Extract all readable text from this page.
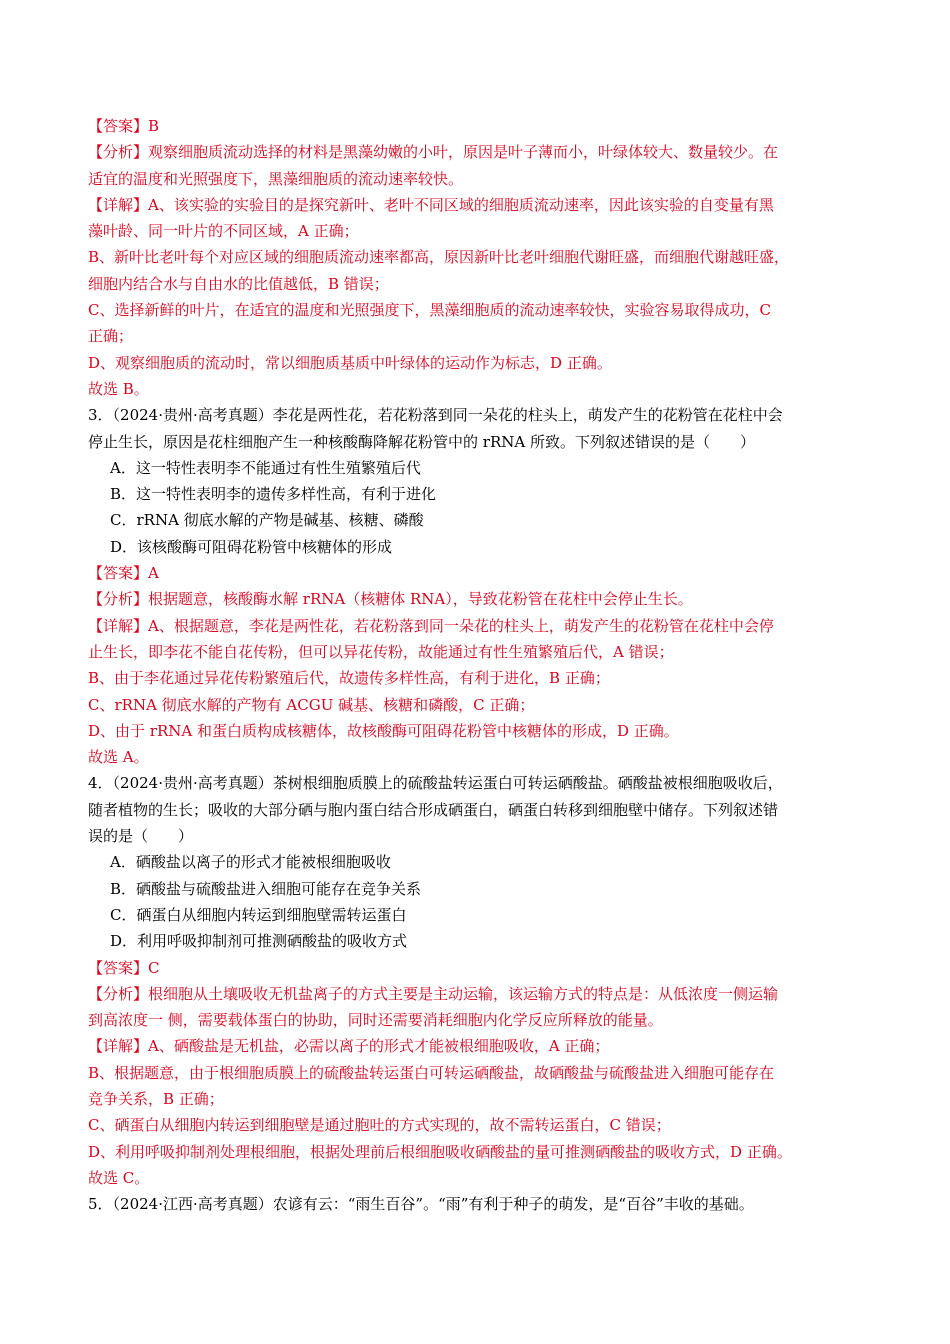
【答案】B

【分析】观察细胞质流动选择的材料是黑藻幼嫩的小叶，原因是叶子薄而小，叶绿体较大、数量较少。在

适宜的温度和光照强度下，黑藻细胞质的流动速率较快。

【详解】A、该实验的实验目的是探究新叶、老叶不同区域的细胞质流动速率，因此该实验的自变量有黑

藻叶龄、同一叶片的不同区域，A 正确；

B、新叶比老叶每个对应区域的细胞质流动速率都高，原因新叶比老叶细胞代谢旺盛，而细胞代谢越旺盛，

细胞内结合水与自由水的比值越低，B 错误；

C、选择新鲜的叶片，在适宜的温度和光照强度下，黑藻细胞质的流动速率较快，实验容易取得成功，C

正确；

D、观察细胞质的流动时，常以细胞质基质中叶绿体的运动作为标志，D 正确。

故选 B。

3．（2024·贵州·高考真题）李花是两性花，若花粉落到同一朵花的柱头上，萌发产生的花粉管在花柱中会

停止生长，原因是花柱细胞产生一种核酸酶降解花粉管中的 rRNA 所致。下列叙述错误的是（　　）

A．这一特性表明李不能通过有性生殖繁殖后代

B．这一特性表明李的遗传多样性高，有利于进化

C．rRNA 彻底水解的产物是碱基、核糖、磷酸

D．该核酸酶可阻碍花粉管中核糖体的形成

【答案】A

【分析】根据题意，核酸酶水解 rRNA（核糖体 RNA），导致花粉管在花柱中会停止生长。

【详解】A、根据题意，李花是两性花，若花粉落到同一朵花的柱头上，萌发产生的花粉管在花柱中会停

止生长，即李花不能自花传粉，但可以异花传粉，故能通过有性生殖繁殖后代，A 错误；

B、由于李花通过异花传粉繁殖后代，故遗传多样性高，有利于进化，B 正确；

C、rRNA 彻底水解的产物有 ACGU 碱基、核糖和磷酸，C 正确；

D、由于 rRNA 和蛋白质构成核糖体，故核酸酶可阻碍花粉管中核糖体的形成，D 正确。

故选 A。

4．（2024·贵州·高考真题）茶树根细胞质膜上的硫酸盐转运蛋白可转运硒酸盐。硒酸盐被根细胞吸收后，

随者植物的生长；吸收的大部分硒与胞内蛋白结合形成硒蛋白，硒蛋白转移到细胞壁中储存。下列叙述错

误的是（　　）

A．硒酸盐以离子的形式才能被根细胞吸收

B．硒酸盐与硫酸盐进入细胞可能存在竞争关系

C．硒蛋白从细胞内转运到细胞壁需转运蛋白

D．利用呼吸抑制剂可推测硒酸盐的吸收方式

【答案】C

【分析】根细胞从土壤吸收无机盐离子的方式主要是主动运输，该运输方式的特点是：从低浓度一侧运输

到高浓度一 侧，需要载体蛋白的协助，同时还需要消耗细胞内化学反应所释放的能量。

【详解】A、硒酸盐是无机盐，必需以离子的形式才能被根细胞吸收，A 正确；

B、根据题意，由于根细胞质膜上的硫酸盐转运蛋白可转运硒酸盐，故硒酸盐与硫酸盐进入细胞可能存在

竞争关系，B 正确；

C、硒蛋白从细胞内转运到细胞壁是通过胞吐的方式实现的，故不需转运蛋白，C 错误；

D、利用呼吸抑制剂处理根细胞，根据处理前后根细胞吸收硒酸盐的量可推测硒酸盐的吸收方式，D 正确。

故选 C。

5．（2024·江西·高考真题）农谚有云：“雨生百谷”。“雨”有利于种子的萌发，是“百谷”丰收的基础。
